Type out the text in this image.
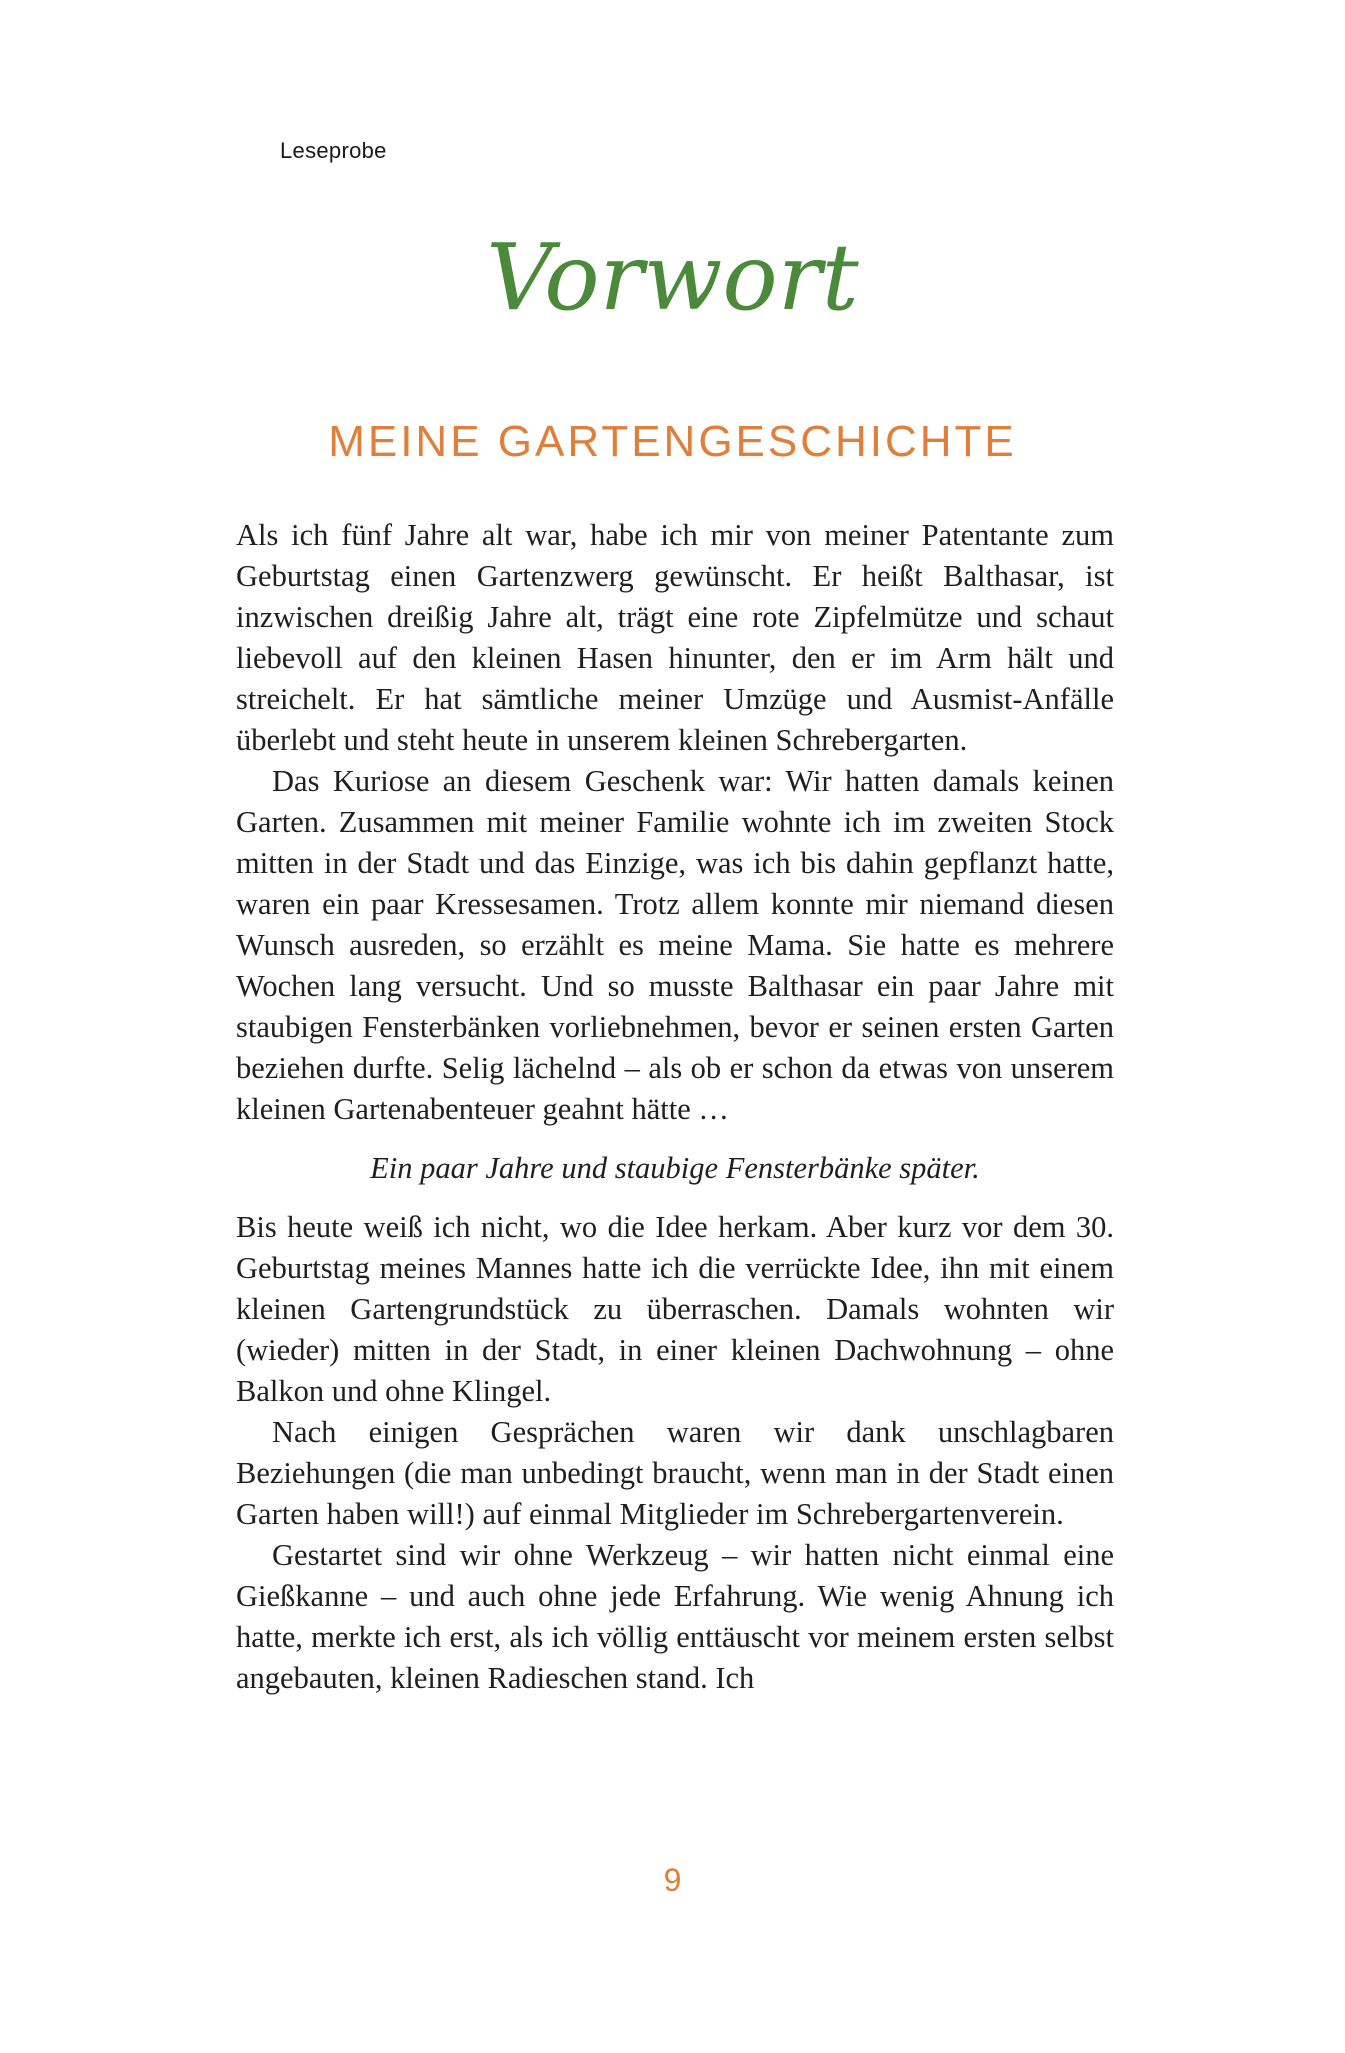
Leseprobe
Vorwort
MEINE GARTENGESCHICHTE

Als ich fünf Jahre alt war, habe ich mir von meiner Patentante zum Geburtstag einen Gartenzwerg gewünscht. Er heißt Balthasar, ist inzwischen dreißig Jahre alt, trägt eine rote Zipfelmütze und schaut liebevoll auf den kleinen Hasen hinunter, den er im Arm hält und streichelt. Er hat sämtliche meiner Umzüge und Ausmist-Anfälle überlebt und steht heute in unserem kleinen Schrebergarten.

Das Kuriose an diesem Geschenk war: Wir hatten damals keinen Garten. Zusammen mit meiner Familie wohnte ich im zweiten Stock mitten in der Stadt und das Einzige, was ich bis dahin gepflanzt hatte, waren ein paar Kressesamen. Trotz allem konnte mir niemand diesen Wunsch ausreden, so erzählt es meine Mama. Sie hatte es mehrere Wochen lang versucht. Und so musste Balthasar ein paar Jahre mit staubigen Fensterbänken vorliebnehmen, bevor er seinen ersten Garten beziehen durfte. Selig lächelnd – als ob er schon da etwas von unserem kleinen Gartenabenteuer geahnt hätte …

Ein paar Jahre und staubige Fensterbänke später.

Bis heute weiß ich nicht, wo die Idee herkam. Aber kurz vor dem 30. Geburtstag meines Mannes hatte ich die verrückte Idee, ihn mit einem kleinen Gartengrundstück zu überraschen. Damals wohnten wir (wieder) mitten in der Stadt, in einer kleinen Dachwohnung – ohne Balkon und ohne Klingel.

Nach einigen Gesprächen waren wir dank unschlagbaren Beziehungen (die man unbedingt braucht, wenn man in der Stadt einen Garten haben will!) auf einmal Mitglieder im Schrebergartenverein.

Gestartet sind wir ohne Werkzeug – wir hatten nicht einmal eine Gießkanne – und auch ohne jede Erfahrung. Wie wenig Ahnung ich hatte, merkte ich erst, als ich völlig enttäuscht vor meinem ersten selbst angebauten, kleinen Radieschen stand. Ich

9
